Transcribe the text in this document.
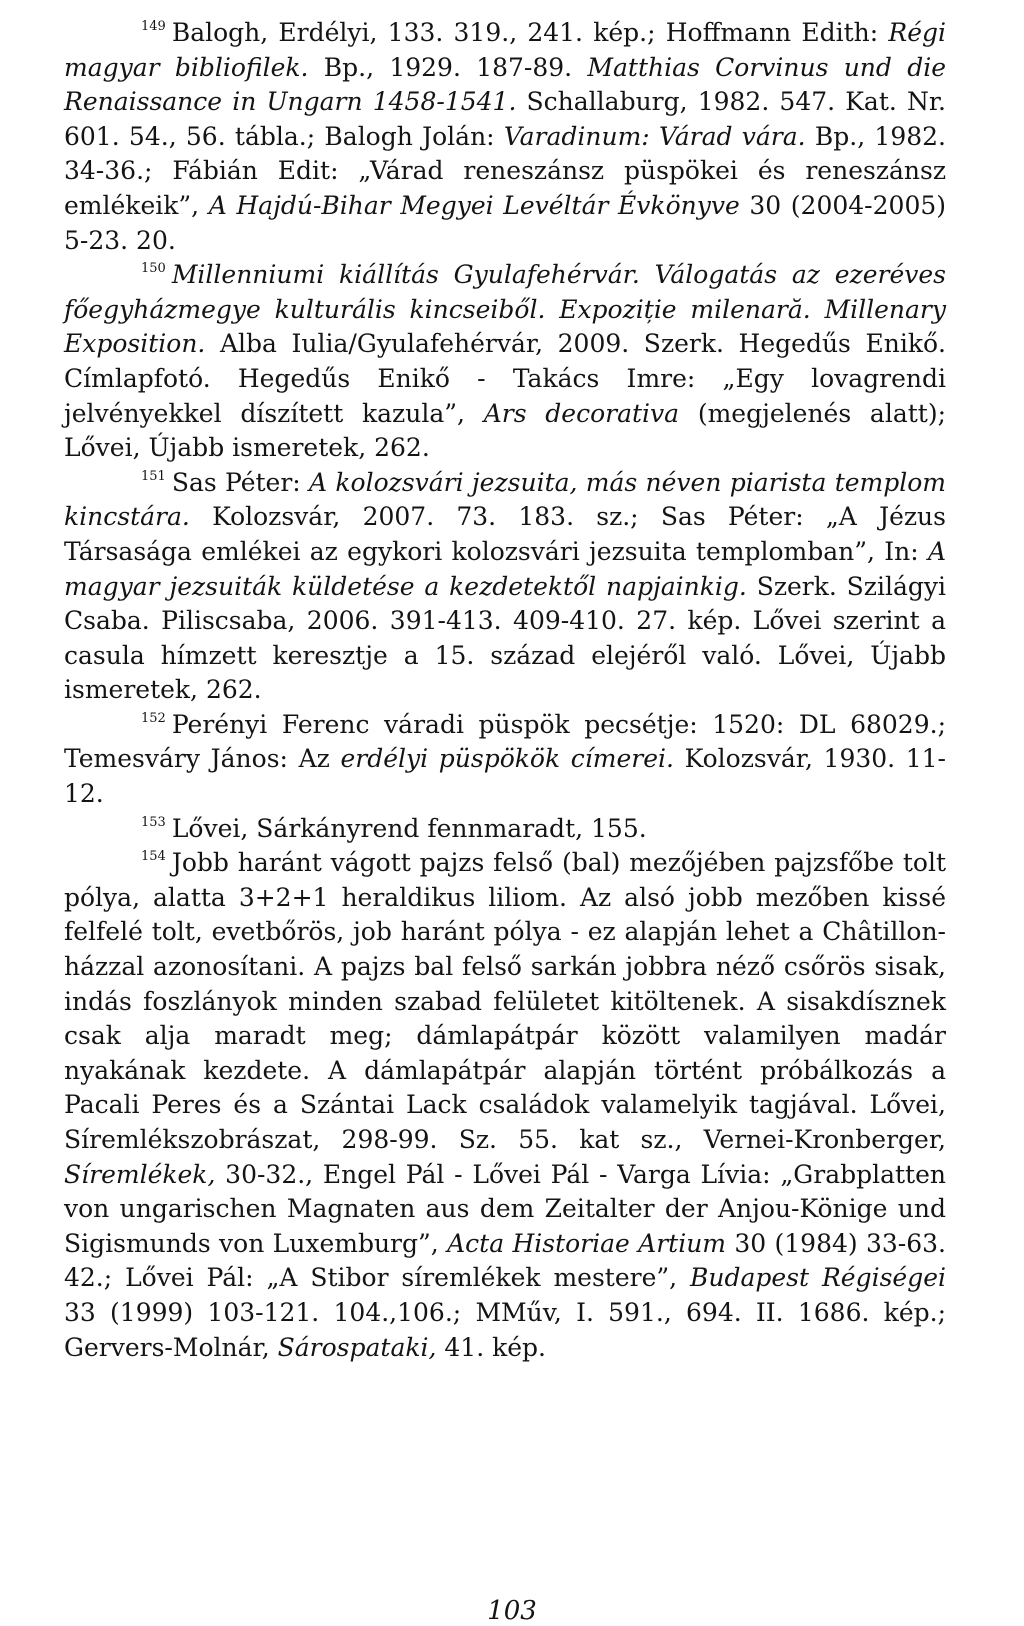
$^{149}$ Balogh, Erdélyi, 133. 319., 241. kép.; Hoffmann Edith: Régi magyar bibliofilek. Bp., 1929. 187-89. Matthias Corvinus und die Renaissance in Ungarn 1458-1541. Schallaburg, 1982. 547. Kat. Nr. 601. 54., 56. tábla.; Balogh Jolán: Varadinum: Várad vára. Bp., 1982. 34-36.; Fábián Edit: „Várad reneszánsz püspökei és reneszánsz emlékeik”, A Hajdú-Bihar Megyei Levéltár Évkönyve 30 (2004-2005) 5-23. 20.

$^{150}$ Millenniumi kiállítás Gyulafehérvár. Válogatás az ezeréves főegyházmegye kulturális kincseiből. Expoziție milenară. Millenary Exposition. Alba Iulia/Gyulafehérvár, 2009. Szerk. Hegedűs Enikő. Címlapfotó. Hegedűs Enikő - Takács Imre: „Egy lovagrendi jelvényekkel díszített kazula”, Ars decorativa (megjelenés alatt); Lővei, Újabb ismeretek, 262.

$^{151}$ Sas Péter: A kolozsvári jezsuita, más néven piarista templom kincstára. Kolozsvár, 2007. 73. 183. sz.; Sas Péter: „A Jézus Társasága emlékei az egykori kolozsvári jezsuita templomban”, In: A magyar jezsuiták küldetése a kezdetektől napjainkig. Szerk. Szilágyi Csaba. Piliscsaba, 2006. 391-413. 409-410. 27. kép. Lővei szerint a casula hímzett keresztje a 15. század elejéről való. Lővei, Újabb ismeretek, 262.

$^{152}$ Perényi Ferenc váradi püspök pecsétje: 1520: DL 68029.; Temesváry János: Az erdélyi püspökök címerei. Kolozsvár, 1930. 11-12.

$^{153}$ Lővei, Sárkányrend fennmaradt, 155.

$^{154}$ Jobb haránt vágott pajzs felső (bal) mezőjében pajzsfőbe tolt pólya, alatta 3+2+1 heraldikus liliom. Az alsó jobb mezőben kissé felfelé tolt, evetbőrös, job haránt pólya - ez alapján lehet a Châtillon-házzal azonosítani. A pajzs bal felső sarkán jobbra néző csőrös sisak, indás foszlányok minden szabad felületet kitöltenek. A sisakdísznek csak alja maradt meg; dámlapátpár között valamilyen madár nyakának kezdete. A dámlapátpár alapján történt próbálkozás a Pacali Peres és a Szántai Lack családok valamelyik tagjával. Lővei, Síremlékszobrászat, 298-99. Sz. 55. kat sz., Vernei-Kronberger, Síremlékek, 30-32., Engel Pál - Lővei Pál - Varga Lívia: „Grabplatten von ungarischen Magnaten aus dem Zeitalter der Anjou-Könige und Sigismunds von Luxemburg”, Acta Historiae Artium 30 (1984) 33-63. 42.; Lővei Pál: „A Stibor síremlékek mestere”, Budapest Régiségei 33 (1999) 103-121. 104.,106.; MMűv, I. 591., 694. II. 1686. kép.; Gervers-Molnár, Sárospataki, 41. kép.

103
